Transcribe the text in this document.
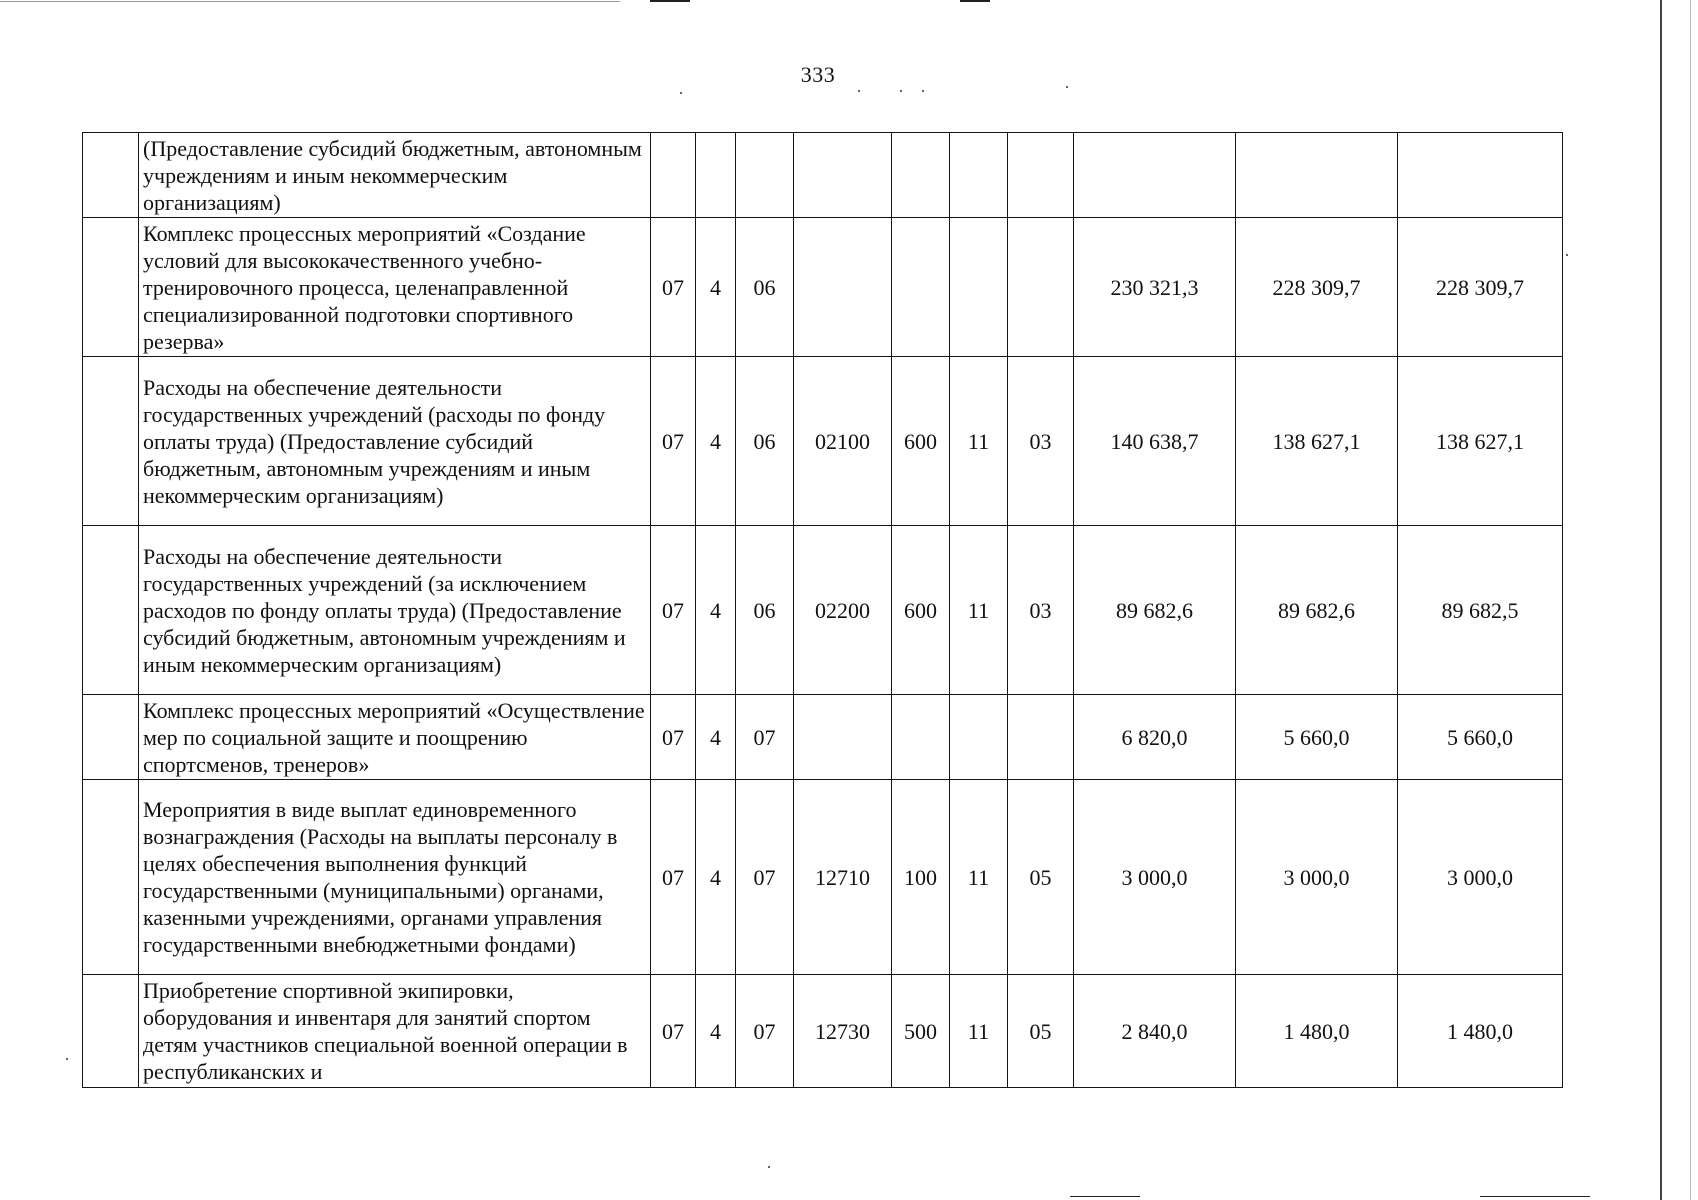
333

	(Предоставление субсидий бюджетным, автономным учреждениям и иным некоммерческим организациям)										

	Комплекс процессных мероприятий «Создание условий для высококачественного учебно-тренировочного процесса, целенаправленной специализированной подготовки спортивного резерва»	07	4	06					230 321,3	228 309,7	228 309,7

	Расходы на обеспечение деятельности государственных учреждений (расходы по фонду оплаты труда) (Предоставление субсидий бюджетным, автономным учреждениям и иным некоммерческим организациям)	07	4	06	02100	600	11	03	140 638,7	138 627,1	138 627,1

	Расходы на обеспечение деятельности государственных учреждений (за исключением расходов по фонду оплаты труда) (Предоставление субсидий бюджетным, автономным учреждениям и иным некоммерческим организациям)	07	4	06	02200	600	11	03	89 682,6	89 682,6	89 682,5

	Комплекс процессных мероприятий «Осуществление мер по социальной защите и поощрению спортсменов, тренеров»	07	4	07					6 820,0	5 660,0	5 660,0

	Мероприятия в виде выплат единовременного вознаграждения (Расходы на выплаты персоналу в целях обеспечения выполнения функций государственными (муниципальными) органами, казенными учреждениями, органами управления государственными внебюджетными фондами)	07	4	07	12710	100	11	05	3 000,0	3 000,0	3 000,0

	Приобретение спортивной экипировки, оборудования и инвентаря для занятий спортом детям участников специальной военной операции в республиканских и	07	4	07	12730	500	11	05	2 840,0	1 480,0	1 480,0
